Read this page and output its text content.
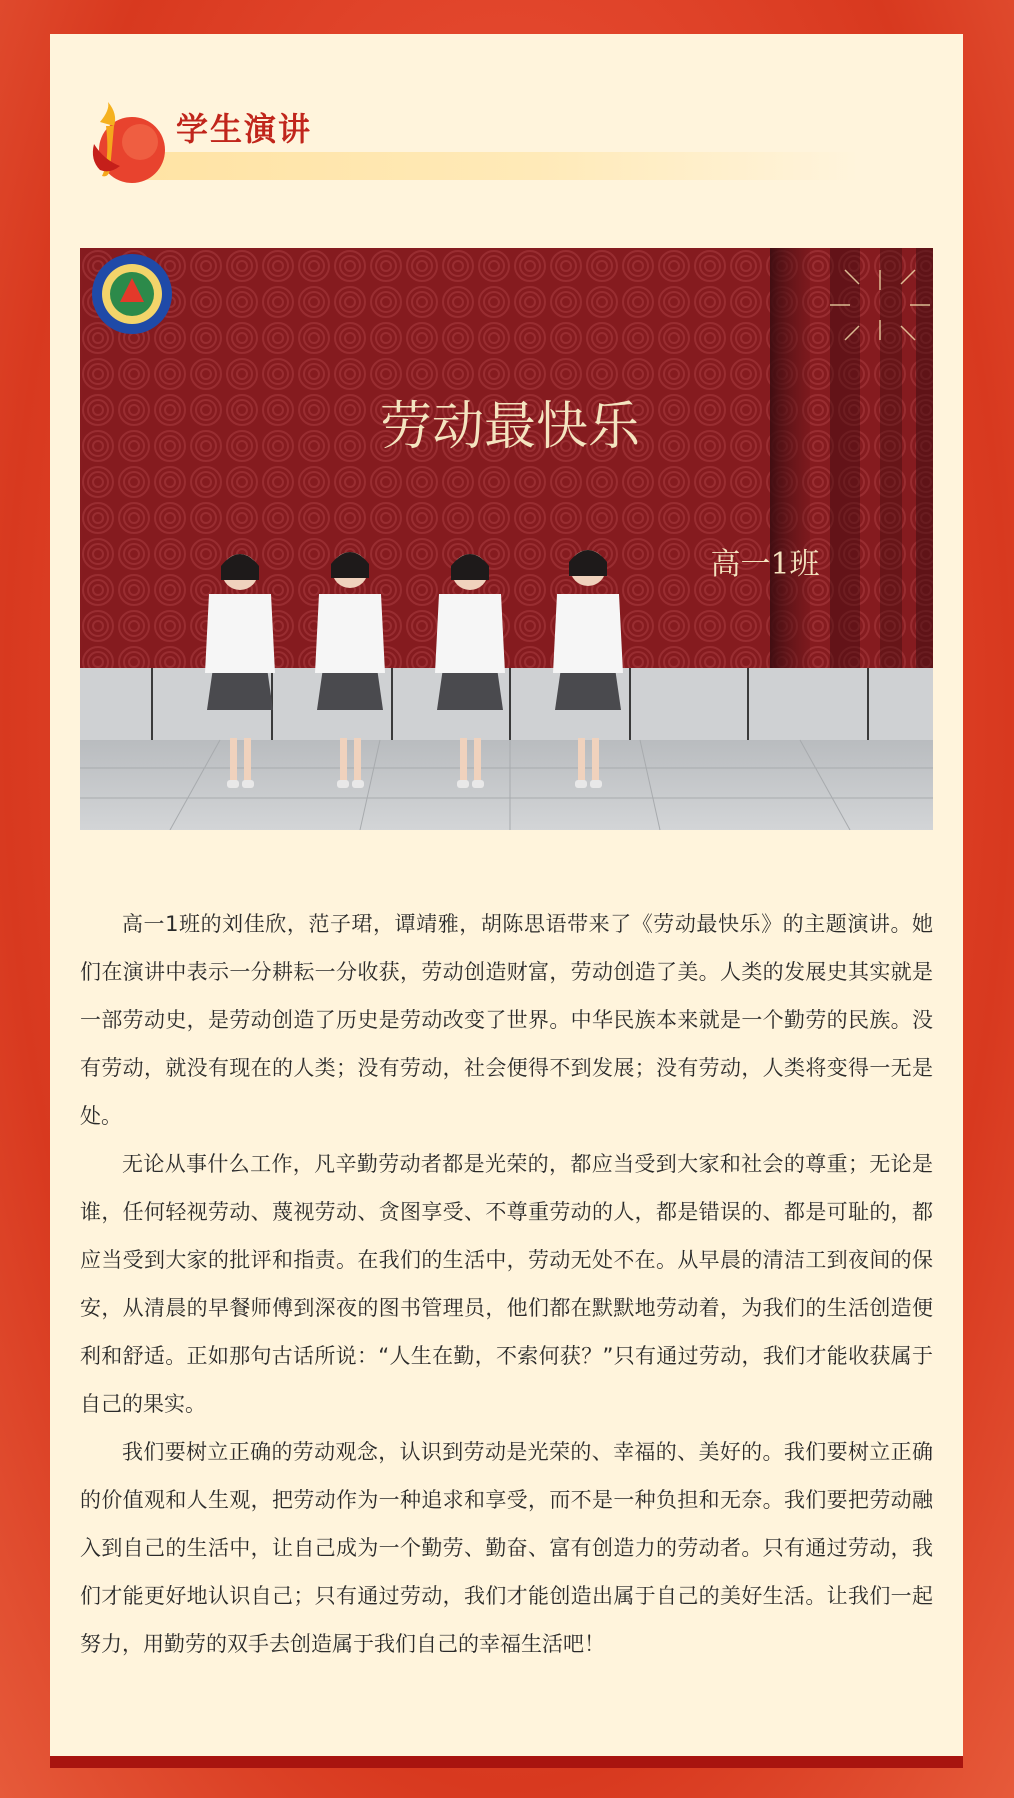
学生演讲
劳动最快乐
高一1班

高一1班的刘佳欣，范子珺，谭靖雅，胡陈思语带来了《劳动最快乐》的主题演讲。她们在演讲中表示一分耕耘一分收获，劳动创造财富，劳动创造了美。人类的发展史其实就是一部劳动史，是劳动创造了历史是劳动改变了世界。中华民族本来就是一个勤劳的民族。没有劳动，就没有现在的人类；没有劳动，社会便得不到发展；没有劳动，人类将变得一无是处。

无论从事什么工作，凡辛勤劳动者都是光荣的，都应当受到大家和社会的尊重；无论是谁，任何轻视劳动、蔑视劳动、贪图享受、不尊重劳动的人，都是错误的、都是可耻的，都应当受到大家的批评和指责。在我们的生活中，劳动无处不在。从早晨的清洁工到夜间的保安，从清晨的早餐师傅到深夜的图书管理员，他们都在默默地劳动着，为我们的生活创造便利和舒适。正如那句古话所说：“人生在勤，不索何获？”只有通过劳动，我们才能收获属于自己的果实。

我们要树立正确的劳动观念，认识到劳动是光荣的、幸福的、美好的。我们要树立正确的价值观和人生观，把劳动作为一种追求和享受，而不是一种负担和无奈。我们要把劳动融入到自己的生活中，让自己成为一个勤劳、勤奋、富有创造力的劳动者。只有通过劳动，我们才能更好地认识自己；只有通过劳动，我们才能创造出属于自己的美好生活。让我们一起努力，用勤劳的双手去创造属于我们自己的幸福生活吧！
